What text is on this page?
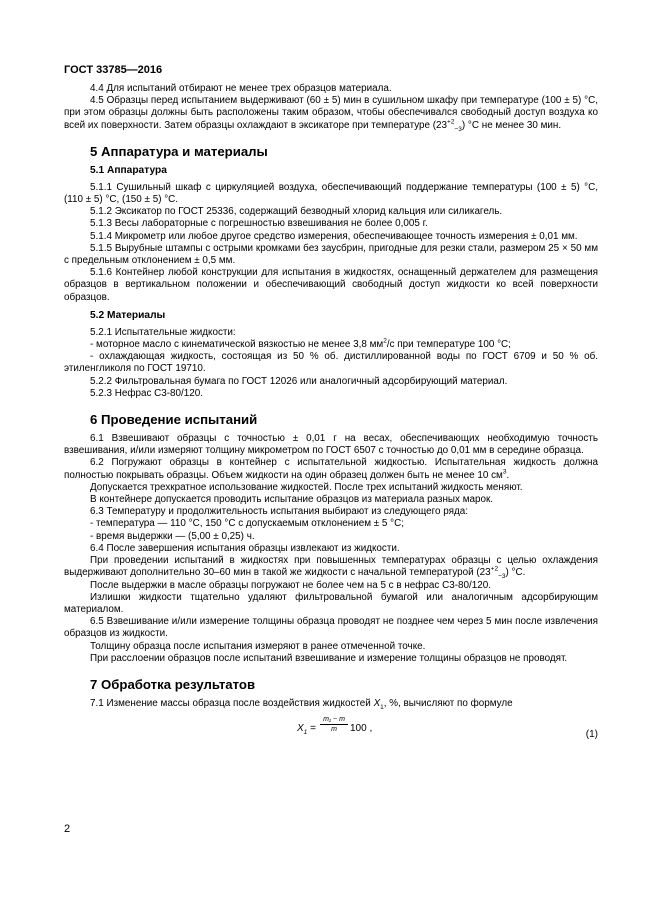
ГОСТ 33785—2016

4.4 Для испытаний отбирают не менее трех образцов материала.

4.5 Образцы перед испытанием выдерживают (60 ± 5) мин в сушильном шкафу при температуре (100 ± 5) °С, при этом образцы должны быть расположены таким образом, чтобы обеспечивался свободный доступ воздуха ко всей их поверхности. Затем образцы охлаждают в эксикаторе при температуре $(23^{+2}_{-3})$ °С не менее 30 мин.

5 Аппаратура и материалы
5.1 Аппаратура

5.1.1 Сушильный шкаф с циркуляцией воздуха, обеспечивающий поддержание температуры (100 ± 5) °С, (110 ± 5) °С, (150 ± 5) °С.

5.1.2 Эксикатор по ГОСТ 25336, содержащий безводный хлорид кальция или силикагель.

5.1.3 Весы лабораторные с погрешностью взвешивания не более 0,005 г.

5.1.4 Микрометр или любое другое средство измерения, обеспечивающее точность измерения ± 0,01 мм.

5.1.5 Вырубные штампы с острыми кромками без заусбрин, пригодные для резки стали, размером 25 × 50 мм с предельным отклонением ± 0,5 мм.

5.1.6 Контейнер любой конструкции для испытания в жидкостях, оснащенный держателем для размещения образцов в вертикальном положении и обеспечивающий свободный доступ жидкости ко всей поверхности образцов.

5.2 Материалы

5.2.1 Испытательные жидкости:

- моторное масло с кинематической вязкостью не менее 3,8 $мм^2/с$ при температуре 100 °С;

- охлаждающая жидкость, состоящая из 50 % об. дистиллированной воды по ГОСТ 6709 и 50 % об. этиленгликоля по ГОСТ 19710.

5.2.2 Фильтровальная бумага по ГОСТ 12026 или аналогичный адсорбирующий материал.

5.2.3 Нефрас С3-80/120.

6 Проведение испытаний

6.1 Взвешивают образцы с точностью ± 0,01 г на весах, обеспечивающих необходимую точность взвешивания, и/или измеряют толщину микрометром по ГОСТ 6507 с точностью до 0,01 мм в середине образца.

6.2 Погружают образцы в контейнер с испытательной жидкостью. Испытательная жидкость должна полностью покрывать образцы. Объем жидкости на один образец должен быть не менее 10 $см^3$.

Допускается трехкратное использование жидкостей. После трех испытаний жидкость меняют.

В контейнере допускается проводить испытание образцов из материала разных марок.

6.3 Температуру и продолжительность испытания выбирают из следующего ряда:

- температура — 110 °С, 150 °С с допускаемым отклонением ± 5 °С;

- время выдержки — (5,00 ± 0,25) ч.

6.4 После завершения испытания образцы извлекают из жидкости.

При проведении испытаний в жидкостях при повышенных температурах образцы с целью охлаждения выдерживают дополнительно 30–60 мин в такой же жидкости с начальной температурой $(23^{+2}_{-3})$ °С.

После выдержки в масле образцы погружают не более чем на 5 с в нефрас С3-80/120.

Излишки жидкости тщательно удаляют фильтровальной бумагой или аналогичным адсорбирующим материалом.

6.5 Взвешивание и/или измерение толщины образца проводят не позднее чем через 5 мин после извлечения образцов из жидкости.

Толщину образца после испытания измеряют в ранее отмеченной точке.

При расслоении образцов после испытаний взвешивание и измерение толщины образцов не проводят.

7 Обработка результатов

7.1 Изменение массы образца после воздействия жидкостей $X_1$, %, вычисляют по формуле

$X_1 = \frac{\text{m₁ − m}}{m} 100$ ,
(1)
2
